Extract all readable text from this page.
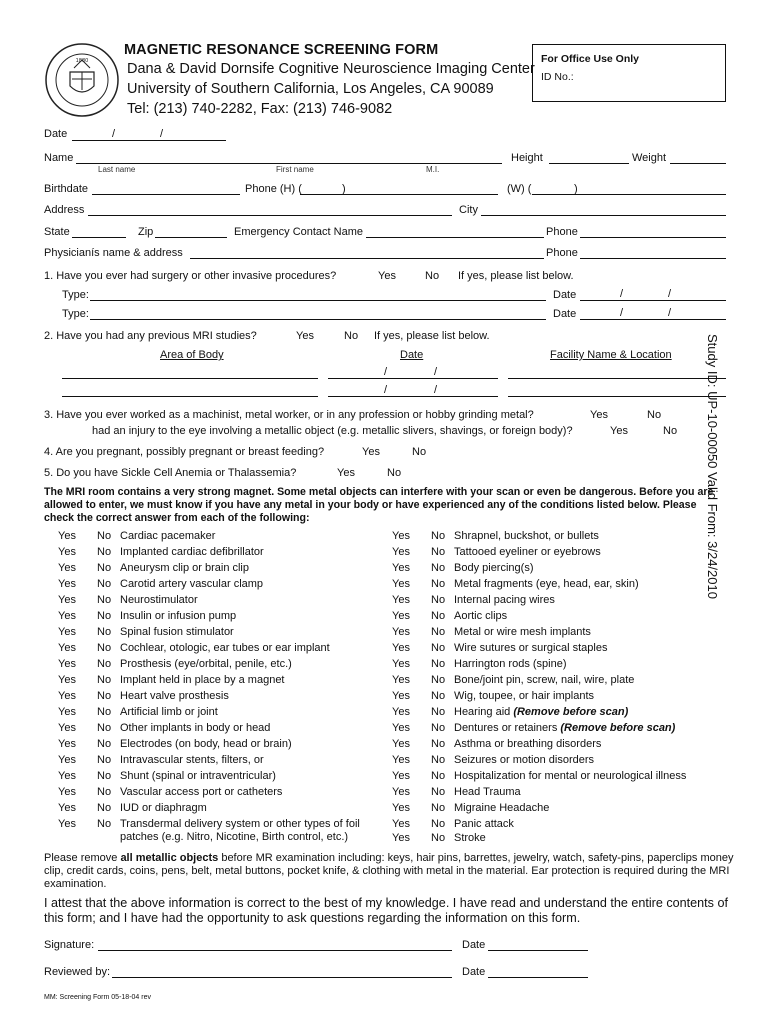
1880
MAGNETIC RESONANCE SCREENING FORM
Dana & David Dornsife Cognitive Neuroscience Imaging Center
University of Southern California, Los Angeles, CA 90089
Tel: (213) 740-2282, Fax: (213) 746-9082
For Office Use Only
ID No.:
Study ID: UP-10-00050 Valid From: 3/24/2010
Date	/	/
Name
Last name	First name	M.I.
Height	Weight
Birthdate	Phone (H) (	)	(W) (	)
Address	City
State	Zip	Emergency Contact Name	Phone
Physicianís name & address	Phone
1. Have you ever had surgery or other invasive procedures?	Yes	No If yes, please list below.
Type:	Date	/	/
Type:	Date	/	/
2. Have you had any previous MRI studies?	Yes	No If yes, please list below.
Area of Body	Date	Facility Name & Location
/	/
/	/
3. Have you ever worked as a machinist, metal worker, or in any profession or hobby grinding metal?	Yes	No
had an injury to the eye involving a metallic object (e.g. metallic slivers, shavings, or foreign body)?	Yes	No
4. Are you pregnant, possibly pregnant or breast feeding?	Yes	No
5. Do you have Sickle Cell Anemia or Thalassemia?	Yes	No
The MRI room contains a very strong magnet. Some metal objects can interfere with your scan or even be dangerous. Before you are allowed to enter, we must know if you have any metal in your body or have experienced any of the conditions listed below. Please check the correct answer from each of the following:
Yes No Cardiac pacemaker
Yes No Implanted cardiac defibrillator
Yes No Aneurysm clip or brain clip
Yes No Carotid artery vascular clamp
Yes No Neurostimulator
Yes No Insulin or infusion pump
Yes No Spinal fusion stimulator
Yes No Cochlear, otologic, ear tubes or ear implant
Yes No Prosthesis (eye/orbital, penile, etc.)
Yes No Implant held in place by a magnet
Yes No Heart valve prosthesis
Yes No Artificial limb or joint
Yes No Other implants in body or head
Yes No Electrodes (on body, head or brain)
Yes No Intravascular stents, filters, or
Yes No Shunt (spinal or intraventricular)
Yes No Vascular access port or catheters
Yes No IUD or diaphragm
Yes No Transdermal delivery system or other types of foil
patches (e.g. Nitro, Nicotine, Birth control, etc.)
Yes No Shrapnel, buckshot, or bullets
Yes No Tattooed eyeliner or eyebrows
Yes No Body piercing(s)
Yes No Metal fragments (eye, head, ear, skin)
Yes No Internal pacing wires
Yes No Aortic clips
Yes No Metal or wire mesh implants
Yes No Wire sutures or surgical staples
Yes No Harrington rods (spine)
Yes No Bone/joint pin, screw, nail, wire, plate
Yes No Wig, toupee, or hair implants
Yes No Hearing aid (Remove before scan)
Yes No Dentures or retainers (Remove before scan)
Yes No Asthma or breathing disorders
Yes No Seizures or motion disorders
Yes No Hospitalization for mental or neurological illness
Yes No Head Trauma
Yes No Migraine Headache
Yes No Panic attack
Yes No Stroke
Please remove all metallic objects before MR examination including: keys, hair pins, barrettes, jewelry, watch, safety-pins, paperclips money clip, credit cards, coins, pens, belt, metal buttons, pocket knife, & clothing with metal in the material. Ear protection is required during the MRI examination.
I attest that the above information is correct to the best of my knowledge. I have read and understand the entire contents of this form; and I have had the opportunity to ask questions regarding the information on this form.
Signature:	Date
Reviewed by:	Date
MM: Screening Form 05-18-04 rev
